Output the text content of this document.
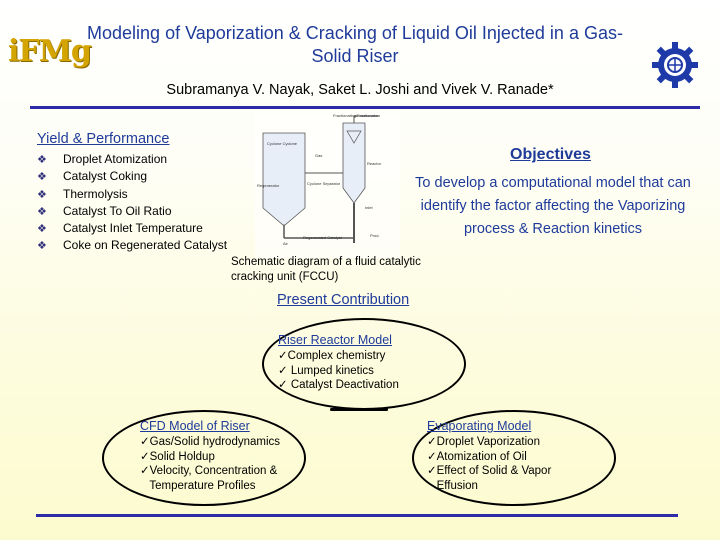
iFMg
Modeling of Vaporization & Cracking of Liquid Oil Injected in a Gas-Solid Riser
Subramanya V. Nayak, Saket L. Joshi and Vivek V. Ranade*
Yield & Performance
❖ Droplet Atomization
❖ Catalyst Coking
❖ Thermolysis
❖ Catalyst To Oil Ratio
❖ Catalyst Inlet Temperature
❖ Coke on Regenerated Catalyst
Fractionating/Fractionator
Cyclone Cyclone
Gas
Regenerator	Cyclone Separator
Reactor
Inlet
Air
Regenerated Catalyst	Prod.
Schematic diagram of a fluid catalytic cracking unit (FCCU)
Objectives
To develop a computational model that can identify the factor affecting the Vaporizing process & Reaction kinetics
Present Contribution
Riser Reactor Model
✓Complex chemistry
✓ Lumped kinetics
✓ Catalyst Deactivation
CFD Model of Riser
✓Gas/Solid hydrodynamics
✓Solid Holdup
✓Velocity, Concentration &
Temperature Profiles
Evaporating Model
✓Droplet Vaporization
✓Atomization of Oil
✓Effect of Solid & Vapor
Effusion
